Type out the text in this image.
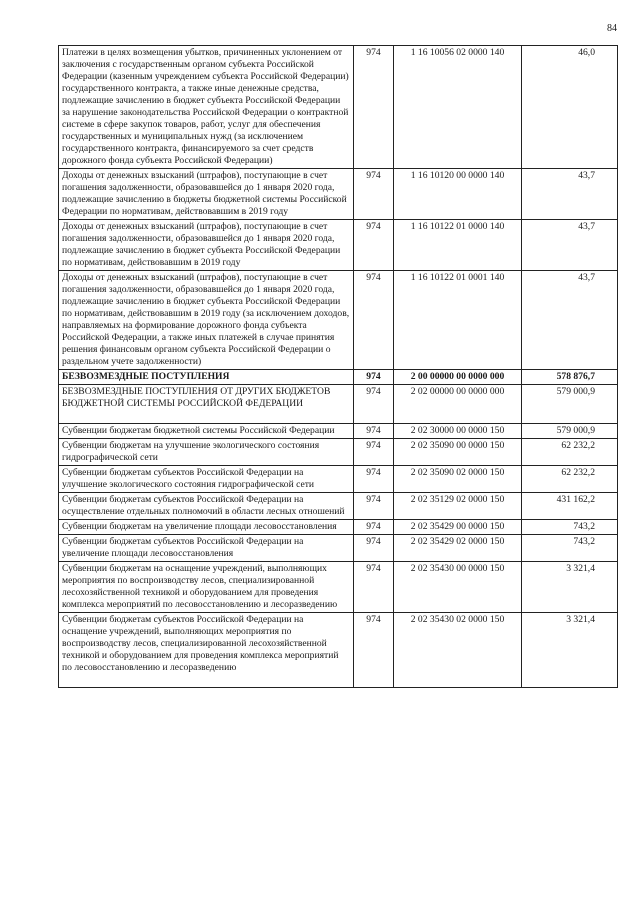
84
Платежи в целях возмещения убытков, причиненных уклонением от заключения с государственным органом субъекта Российской Федерации (казенным учреждением субъекта Российской Федерации) государственного контракта, а также иные денежные средства, подлежащие зачислению в бюджет субъекта Российской Федерации за нарушение законодательства Российской Федерации о контрактной системе в сфере закупок товаров, работ, услуг для обеспечения государственных и муниципальных нужд (за исключением государственного контракта, финансируемого за счет средств дорожного фонда субъекта Российской Федерации)	974	1 16 10056 02 0000 140	46,0
Доходы от денежных взысканий (штрафов), поступающие в счет погашения задолженности, образовавшейся до 1 января 2020 года, подлежащие зачислению в бюджеты бюджетной системы Российской Федерации по нормативам, действовавшим в 2019 году	974	1 16 10120 00 0000 140	43,7
Доходы от денежных взысканий (штрафов), поступающие в счет погашения задолженности, образовавшейся до 1 января 2020 года, подлежащие зачислению в бюджет субъекта Российской Федерации по нормативам, действовавшим в 2019 году	974	1 16 10122 01 0000 140	43,7
Доходы от денежных взысканий (штрафов), поступающие в счет погашения задолженности, образовавшейся до 1 января 2020 года, подлежащие зачислению в бюджет субъекта Российской Федерации по нормативам, действовавшим в 2019 году (за исключением доходов, направляемых на формирование дорожного фонда субъекта Российской Федерации, а также иных платежей в случае принятия решения финансовым органом субъекта Российской Федерации о раздельном учете задолженности)	974	1 16 10122 01 0001 140	43,7
БЕЗВОЗМЕЗДНЫЕ ПОСТУПЛЕНИЯ	974	2 00 00000 00 0000 000	578 876,7
БЕЗВОЗМЕЗДНЫЕ ПОСТУПЛЕНИЯ ОТ ДРУГИХ БЮДЖЕТОВ БЮДЖЕТНОЙ СИСТЕМЫ РОССИЙСКОЙ ФЕДЕРАЦИИ	974	2 02 00000 00 0000 000	579 000,9
Субвенции бюджетам бюджетной системы Российской Федерации	974	2 02 30000 00 0000 150	579 000,9
Субвенции бюджетам на улучшение экологического состояния гидрографической сети	974	2 02 35090 00 0000 150	62 232,2
Субвенции бюджетам субъектов Российской Федерации на улучшение экологического состояния гидрографической сети	974	2 02 35090 02 0000 150	62 232,2
Субвенции бюджетам субъектов Российской Федерации на осуществление отдельных полномочий в области лесных отношений	974	2 02 35129 02 0000 150	431 162,2
Субвенции бюджетам на увеличение площади лесовосстановления	974	2 02 35429 00 0000 150	743,2
Субвенции бюджетам субъектов Российской Федерации на увеличение площади лесовосстановления	974	2 02 35429 02 0000 150	743,2
Субвенции бюджетам на оснащение учреждений, выполняющих мероприятия по воспроизводству лесов, специализированной лесохозяйственной техникой и оборудованием для проведения комплекса мероприятий по лесовосстановлению и лесоразведению	974	2 02 35430 00 0000 150	3 321,4
Субвенции бюджетам субъектов Российской Федерации на оснащение учреждений, выполняющих мероприятия по воспроизводству лесов, специализированной лесохозяйственной техникой и оборудованием для проведения комплекса мероприятий по лесовосстановлению и лесоразведению	974	2 02 35430 02 0000 150	3 321,4
